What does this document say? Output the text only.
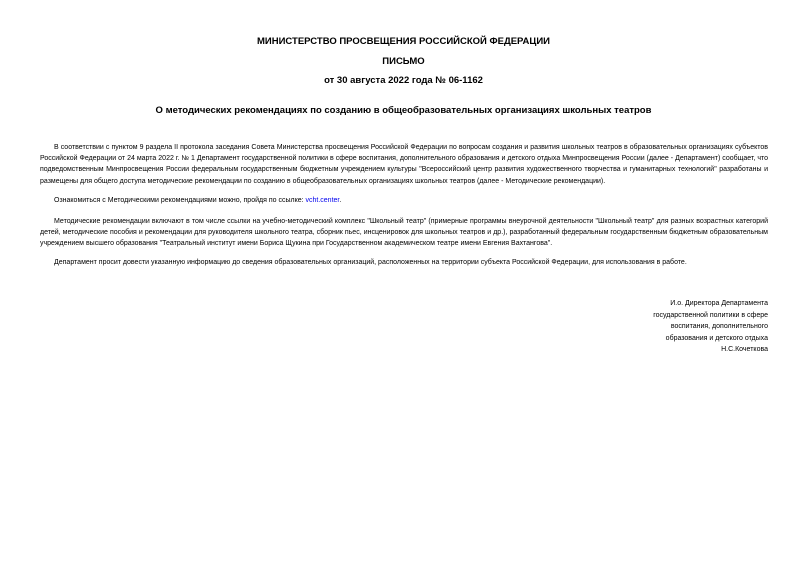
МИНИСТЕРСТВО ПРОСВЕЩЕНИЯ РОССИЙСКОЙ ФЕДЕРАЦИИ
ПИСЬМО
от 30 августа 2022 года № 06-1162
О методических рекомендациях по созданию в общеобразовательных организациях школьных театров

В соответствии с пунктом 9 раздела II протокола заседания Совета Министерства просвещения Российской Федерации по вопросам создания и развития школьных театров в образовательных организациях субъектов Российской Федерации от 24 марта 2022 г. № 1 Департамент государственной политики в сфере воспитания, дополнительного образования и детского отдыха Минпросвещения России (далее - Департамент) сообщает, что подведомственным Минпросвещения России федеральным государственным бюджетным учреждением культуры "Всероссийский центр развития художественного творчества и гуманитарных технологий" разработаны и размещены для общего доступа методические рекомендации по созданию в общеобразовательных организациях школьных театров (далее - Методические рекомендации).

Ознакомиться с Методическими рекомендациями можно, пройдя по ссылке: vcht.center.

Методические рекомендации включают в том числе ссылки на учебно-методический комплекс "Школьный театр" (примерные программы внеурочной деятельности "Школьный театр" для разных возрастных категорий детей, методические пособия и рекомендации для руководителя школьного театра, сборник пьес, инсценировок для школьных театров и др.), разработанный федеральным государственным бюджетным образовательным учреждением высшего образования "Театральный институт имени Бориса Щукина при Государственном академическом театре имени Евгения Вахтангова".

Департамент просит довести указанную информацию до сведения образовательных организаций, расположенных на территории субъекта Российской Федерации, для использования в работе.

И.о. Директора Департамента
государственной политики в сфере
воспитания, дополнительного
образования и детского отдыха
Н.С.Кочеткова
